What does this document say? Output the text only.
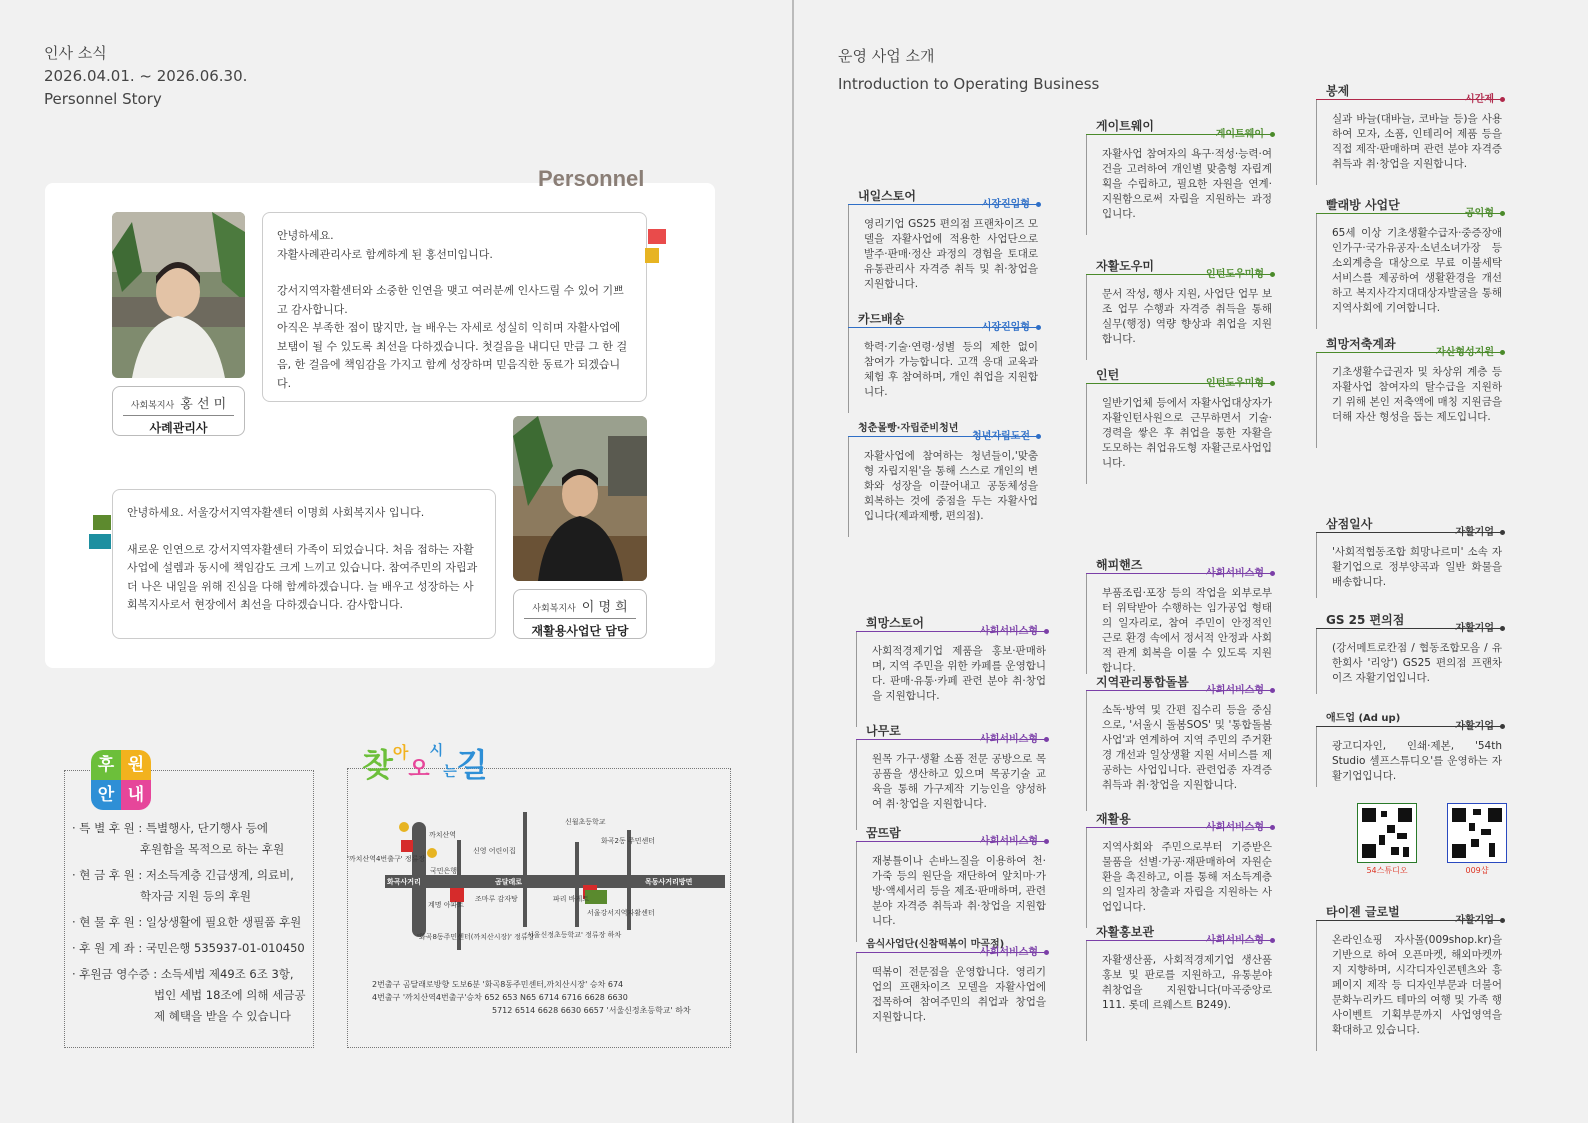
인사 소식
2026.04.01. ~ 2026.06.30.
Personnel Story
Personnel

안녕하세요.
자활사례관리사로 함께하게 된 홍선미입니다.

강서지역자활센터와 소중한 인연을 맺고 여러분께 인사드릴 수 있어 기쁘고 감사합니다.
아직은 부족한 점이 많지만, 늘 배우는 자세로 성실히 익히며 자활사업에 보탬이 될 수 있도록 최선을 다하겠습니다. 첫걸음을 내디딘 만큼 그 한 걸음, 한 걸음에 책임감을 가지고 함께 성장하며 믿음직한 동료가 되겠습니다.

사회복지사 홍 선 미
사례관리사

안녕하세요. 서울강서지역자활센터 이명희 사회복지사 입니다.

새로운 인연으로 강서지역자활센터 가족이 되었습니다. 처음 접하는 자활사업에 설렘과 동시에 책임감도 크게 느끼고 있습니다. 참여주민의 자립과 더 나은 내일을 위해 진심을 다해 함께하겠습니다. 늘 배우고 성장하는 사회복지사로서 현장에서 최선을 다하겠습니다. 감사합니다.	사회복지사 이 명 희
재활용사업단 담당
후 원
안 내
· 특 별 후 원 : 특별행사, 단기행사 등에
후원함을 목적으로 하는 후원
· 현 금 후 원 : 저소득계층 긴급생계, 의료비,
학자금 지원 등의 후원
· 현 물 후 원 : 일상생활에 필요한 생필품 후원
· 후 원 계 좌 : 국민은행 535937-01-010450
· 후원금 영수증 : 소득세법 제49조 6조 3항,
법인 세법 18조에 의해 세금공
제 혜택을 받을 수 있습니다
찾$^아$오$^시$는길
화곡사거리	곰달래로	목동사거리방면
까치산역
국민은행
신월초등학교
화곡2동 주민센터
서울강서지역자활센터
'까치산역4번출구' 정류장
'화곡8동주민센터(까치산시장)' 정류장
'서울신정초등학교' 정류장 하차
계명 아파트
신영 어린이집
조마루 감자탕	파리 바게트
2번출구 곰달래로방향 도보6분 '화곡8동주민센터,까치산시장' 승차 674
4번출구 '까치산역4번출구'승차 652 653 N65 6714 6716 6628 6630
5712 6514 6628 6630 6657 '서울신정초등학교' 하차
운영 사업 소개
Introduction to Operating Business
내일스토어
영리기업 GS25 편의점 프랜차이즈 모델을 자활사업에 적용한 사업단으로 발주·판매·정산 과정의 경험을 토대로 유통관리사 자격증 취득 및 취·창업을 지원합니다.
카드배송
학력·기술·연령·성별 등의 제한 없이 참여가 가능합니다. 고객 응대 교육과 체험 후 참여하며, 개인 취업을 지원합니다.
청춘몰빵·자립준비청년
자활사업에 참여하는 청년들이,'맞춤형 자립지원'을 통해 스스로 개인의 변화와 성장을 이끌어내고 공동체성을 회복하는 것에 중점을 두는 자활사업입니다(제과제빵, 편의점).
희망스토어
사회적경제기업 제품을 홍보·판매하며, 지역 주민을 위한 카페를 운영합니다. 판매·유통·카페 관련 분야 취·창업을 지원합니다.
나무로
원목 가구·생활 소품 전문 공방으로 목공품을 생산하고 있으며 목공기술 교육을 통해 가구제작 기능인을 양성하여 취·창업을 지원합니다.
꿈뜨람
재봉틀이나 손바느질을 이용하여 천·가죽 등의 원단을 재단하여 앞치마·가방·액세서리 등을 제조·판매하며, 관련 분야 자격증 취득과 취·창업을 지원합니다.
음식사업단(신참떡볶이 마곡점)
떡볶이 전문점을 운영합니다. 영리기업의 프랜차이즈 모델을 자활사업에 접목하여 참여주민의 취업과 창업을 지원합니다.
게이트웨이
자활사업 참여자의 욕구·적성·능력·여건을 고려하여 개인별 맞춤형 자립계획을 수립하고, 필요한 자원을 연계·지원함으로써 자립을 지원하는 과정입니다.
자활도우미
문서 작성, 행사 지원, 사업단 업무 보조 업무 수행과 자격증 취득을 통해 실무(행정) 역량 향상과 취업을 지원합니다.
인턴
일반기업체 등에서 자활사업대상자가 자활인턴사원으로 근무하면서 기술·경력을 쌓은 후 취업을 통한 자활을 도모하는 취업유도형 자활근로사업입니다.
해피핸즈
부품조립·포장 등의 작업을 외부로부터 위탁받아 수행하는 임가공업 형태의 일자리로, 참여 주민이 안정적인 근로 환경 속에서 정서적 안정과 사회적 관계 회복을 이룰 수 있도록 지원합니다.
지역관리통합돌봄
소독·방역 및 간편 집수리 등을 중심으로, '서울시 돌봄SOS' 및 '통합돌봄 사업'과 연계하여 지역 주민의 주거환경 개선과 일상생활 지원 서비스를 제공하는 사업입니다. 관련업종 자격증 취득과 취·창업을 지원합니다.
재활용
지역사회와 주민으로부터 기증받은 물품을 선별·가공·재판매하여 자원순환을 촉진하고, 이를 통해 저소득계층의 일자리 창출과 자립을 지원하는 사업입니다.
자활홍보관
자활생산품, 사회적경제기업 생산품 홍보 및 판로를 지원하고, 유통분야 취창업을 지원합니다(마곡중앙로 111. 롯데 르웨스트 B249).
봉제
실과 바늘(대바늘, 코바늘 등)을 사용하여 모자, 소품, 인테리어 제품 등을 직접 제작·판매하며 관련 분야 자격증 취득과 취·창업을 지원합니다.
빨래방 사업단
65세 이상 기초생활수급자·중증장애인가구·국가유공자·소년소녀가장 등 소외계층을 대상으로 무료 이불세탁 서비스를 제공하여 생활환경을 개선하고 복지사각지대대상자발굴을 통해 지역사회에 기여합니다.
희망저축계좌
기초생활수급권자 및 차상위 계층 등 자활사업 참여자의 탈수급을 지원하기 위해 본인 저축액에 매칭 지원금을 더해 자산 형성을 돕는 제도입니다.
삼점일사
'사회적협동조합 희망나르미' 소속 자활기업으로 정부양곡과 일반 화물을 배송합니다.
GS 25 편의점
(강서메트로칸점 / 협동조합모음 / 유한회사 '리앙') GS25 편의점 프랜차이즈 자활기업입니다.
애드업 (Ad up)
광고디자인, 인쇄·제본, '54th Studio 셀프스튜디오'를 운영하는 자활기업입니다.
타이젠 글로벌
온라인쇼핑 자사몰(009shop.kr)을 기반으로 하여 오픈마켓, 해외마켓까지 지향하며, 시각디자인콘텐츠와 흥페이지 제작 등 디자인부문과 더불어 문화누리카드 테마의 여행 및 가족 행사이벤트 기획부문까지 사업영역을 확대하고 있습니다.
54스튜디오	009샵
